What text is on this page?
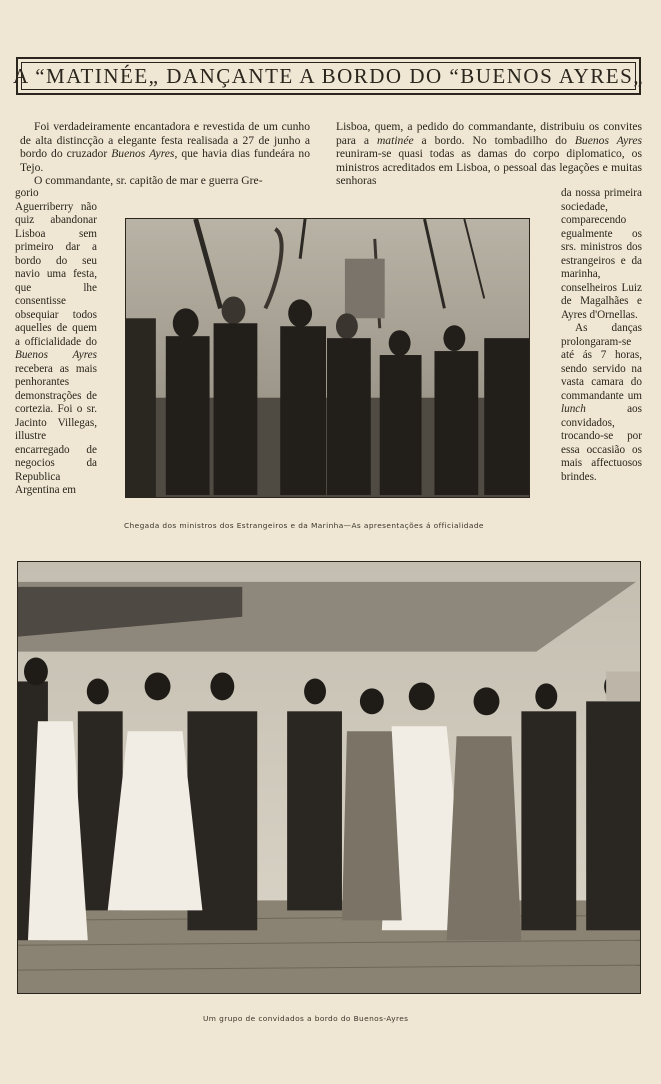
A “MATINÉE„ DANÇANTE A BORDO DO “BUENOS AYRES„

Foi verdadeiramente encantadora e revestida de um cunho de alta distincção a elegante festa realisada a 27 de junho a bordo do cruzador Buenos Ayres, que havia dias fundeára no Tejo.

O commandante, sr. capitão de mar e guerra Gre-

gorio Aguerriberry não quiz abandonar Lisboa sem primeiro dar a bordo do seu navio uma festa, que lhe consentisse obsequiar todos aquelles de quem a officialidade do Buenos Ayres recebera as mais penhorantes demonstrações de cortezia. Foi o sr. Jacinto Villegas, illustre encarregado de negocios da Republica Argentina em

Lisboa, quem, a pedido do commandante, distribuiu os convites para a matinée a bordo. No tombadilho do Buenos Ayres reuniram-se quasi todas as damas do corpo diplomatico, os ministros acreditados em Lisboa, o pessoal das legações e muitas senhoras

da nossa primeira sociedade, comparecendo egualmente os srs. ministros dos estrangeiros e da marinha, conselheiros Luiz de Magalhães e Ayres d'Ornellas.

As danças prolongaram-se até ás 7 horas, sendo servido na vasta camara do commandante um lunch aos convidados, trocando-se por essa occasião os mais affectuosos brindes.

Chegada dos ministros dos Estrangeiros e da Marinha—As apresentações á officialidade
Um grupo de convidados a bordo do Buenos-Ayres
